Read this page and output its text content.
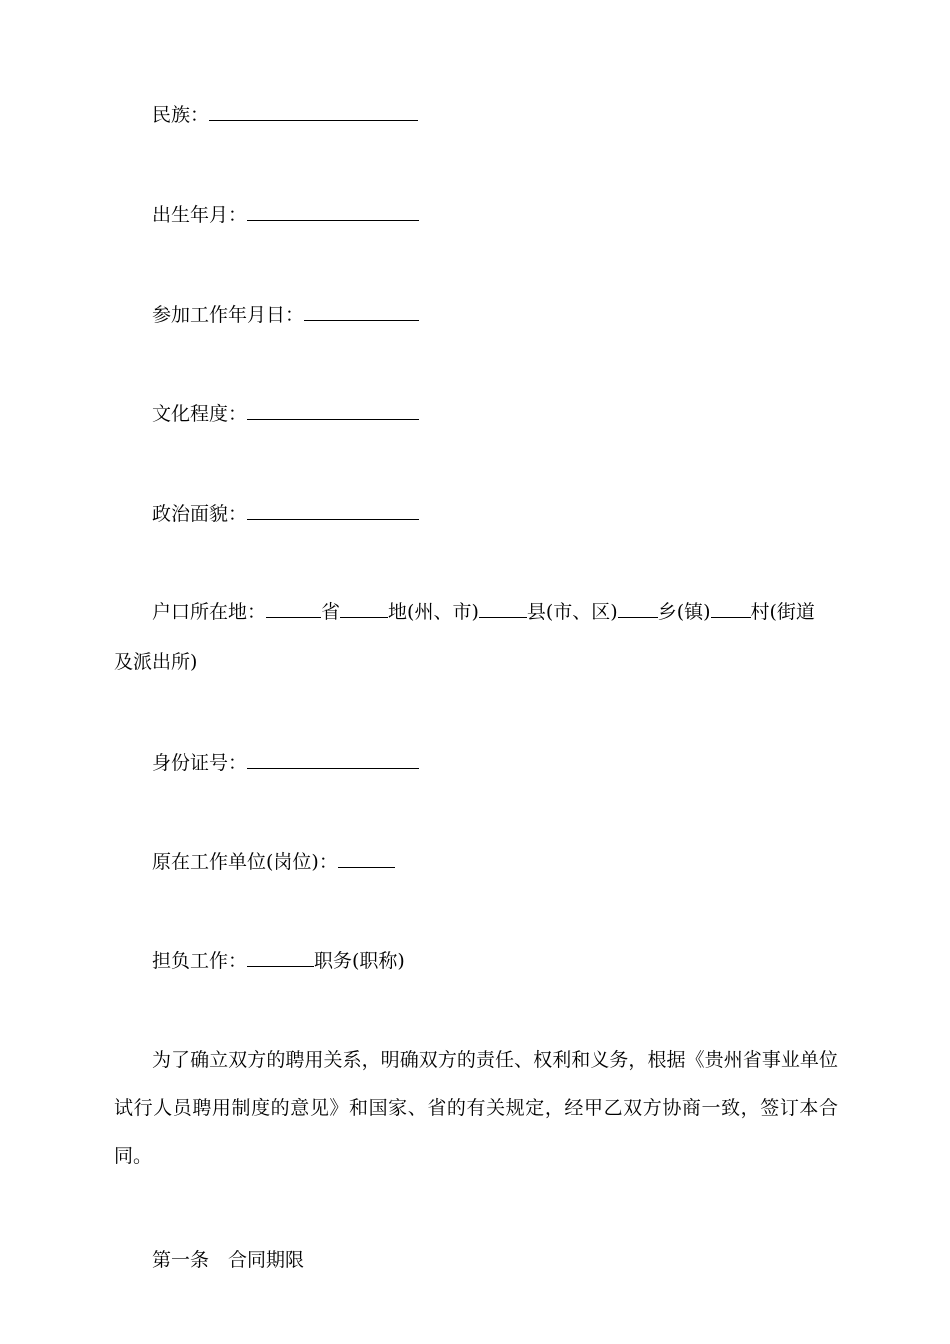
民族：
出生年月：
参加工作年月日：
文化程度：
政治面貌：
户口所在地：	省	地(州、市)	县(市、区) 乡(镇) 村(街道
及派出所)
身份证号：
原在工作单位(岗位)：
担负工作：	职务(职称)
为了确立双方的聘用关系，明确双方的责任、权利和义务，根据《贵州省事业单位试行人员聘用制度的意见》和国家、省的有关规定，经甲乙双方协商一致，签订本合同。
第一条　合同期限
